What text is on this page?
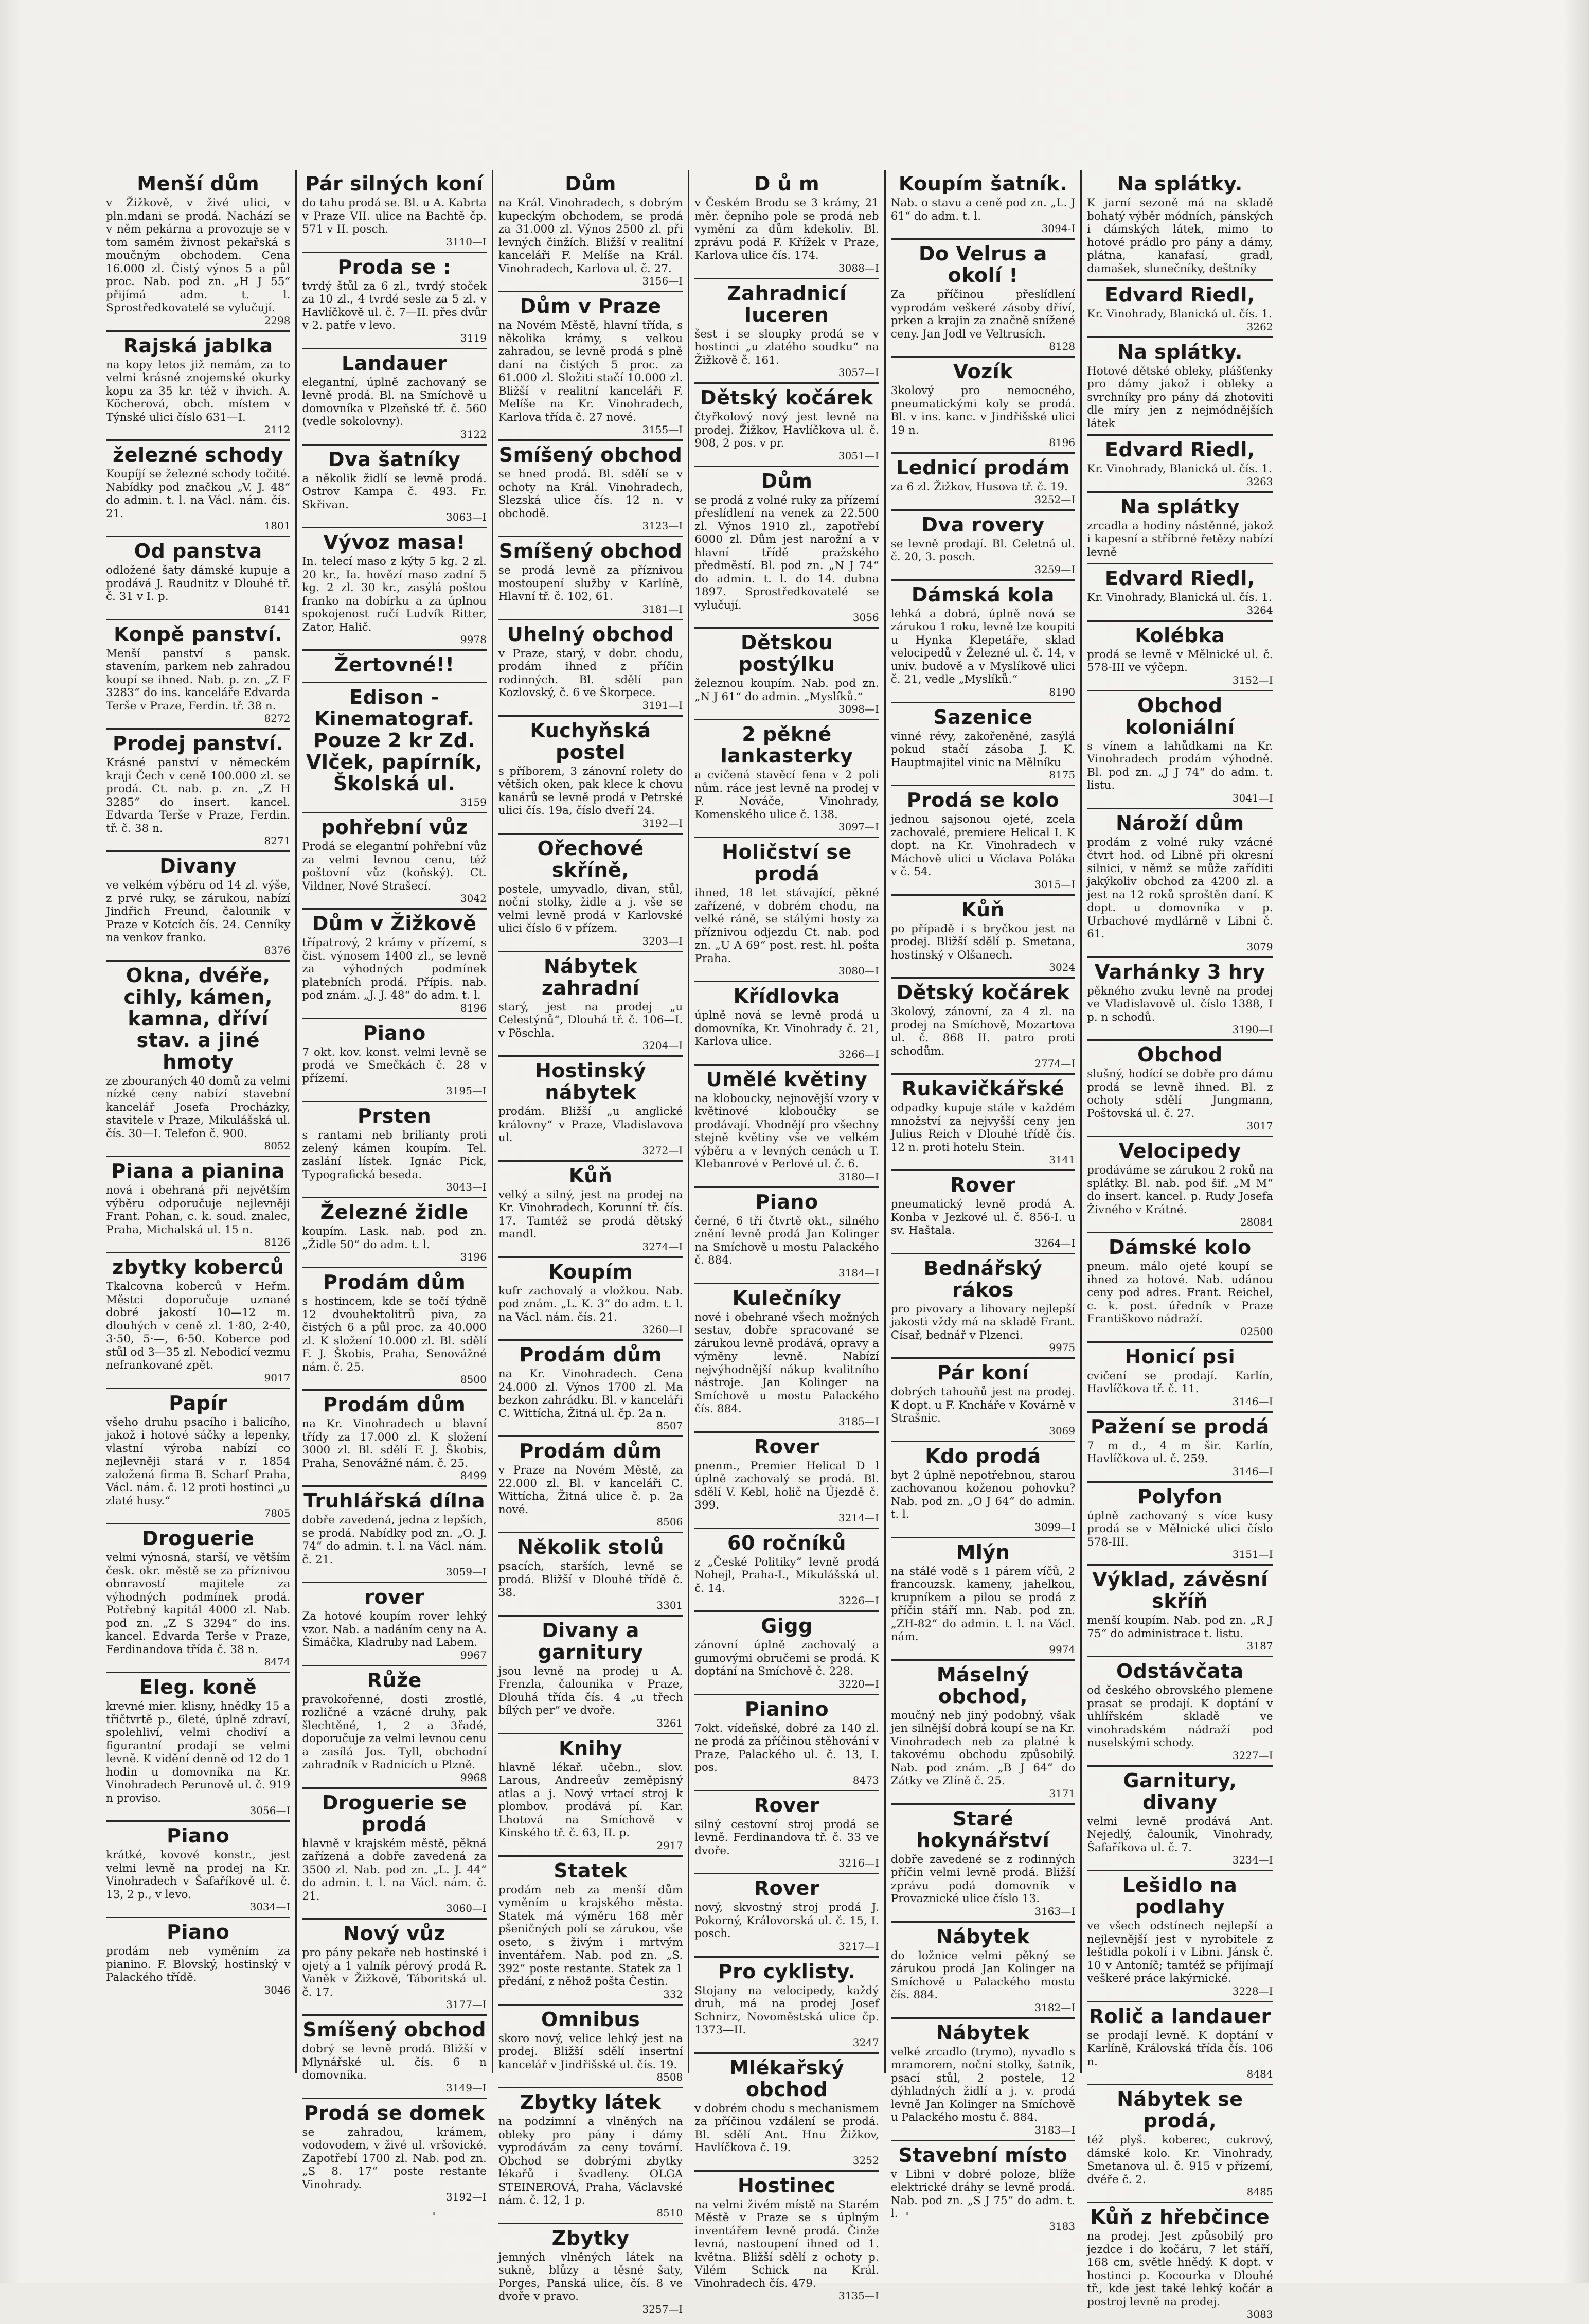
Menší dům

v Žižkově, v živé ulici, v pln.mdani se prodá. Nachází se v něm pekárna a provozuje se v tom samém živnost pekařská s moučným obchodem. Cena 16.000 zl. Čistý výnos 5 a půl proc. Nab. pod zn. „H J 55“ přijímá adm. t. l. Sprostředkovatelé se vylučují.

2298
Rajská jablka

na kopy letos již nemám, za to velmi krásné znojemské okurky kopu za 35 kr. též v ihvich. A. Köcherová, obch. místem v Týnské ulici číslo 631—I.

2112
železné schody

Koupíjí se železné schody točité. Nabídky pod značkou „V. J. 48“ do admin. t. l. na Václ. nám. čís. 21.

1801
Od panstva

odložené šaty dámské kupuje a prodává J. Raudnitz v Dlouhé tř. č. 31 v I. p.

8141
Konpě panství.

Menší panství s pansk. stavením, parkem neb zahradou koupí se ihned. Nab. p. zn. „Z F 3283“ do ins. kanceláře Edvarda Terše v Praze, Ferdin. tř. 38 n.

8272
Prodej panství.

Krásné panství v německém kraji Čech v ceně 100.000 zl. se prodá. Ct. nab. p. zn. „Z H 3285“ do insert. kancel. Edvarda Terše v Praze, Ferdin. tř. č. 38 n.

8271
Divany

ve velkém výběru od 14 zl. výše, z prvé ruky, se zárukou, nabízí Jindřich Freund, čalounik v Praze v Kotcích čís. 24. Cenníky na venkov franko.

8376
Okna, dvéře, cihly, kámen, kamna, dříví stav. a jiné hmoty

ze zbouraných 40 domů za velmi nízké ceny nabízí stavební kancelář Josefa Procházky, stavitele v Praze, Mikulášská ul. čís. 30—I. Telefon č. 900.

8052
Piana a pianina

nová i obehraná při největším výběru odporučuje nejlevněji Frant. Pohan, c. k. soud. znalec, Praha, Michalská ul. 15 n.

8126
zbytky koberců

Tkalcovna koberců v Heřm. Městci doporučuje uznané dobré jakostí 10—12 m. dlouhých v ceně zl. 1·80, 2·40, 3·50, 5·—, 6·50. Koberce pod stůl od 3—35 zl. Nebodicí vezmu nefrankované zpět.

9017
Papír

všeho druhu psacího i balicího, jakož i hotové sáčky a lepenky, vlastní výroba nabízí co nejlevněji stará v r. 1854 založená firma B. Scharf Praha, Václ. nám. č. 12 proti hostinci „u zlaté husy.“

7805
Droguerie

velmi výnosná, starší, ve větším česk. okr. městě se za příznivou obnravostí majitele za výhodných podmínek prodá. Potřebný kapitál 4000 zl. Nab. pod zn. „Z S 3294“ do ins. kancel. Edvarda Terše v Praze, Ferdinandova třída č. 38 n.

8474
Eleg. koně

krevné mier. klisny, hnědky 15 a třičtvrtě p., 6leté, úplně zdraví, spolehliví, velmi chodiví a figurantní prodají se velmi levně. K vidění denně od 12 do 1 hodin u domovníka na Kr. Vinohradech Perunově ul. č. 919 n proviso.

3056—I
Piano

krátké, kovové konstr., jest velmi levně na prodej na Kr. Vinohradech v Šafaříkově ul. č. 13, 2 p., v levo.

3034—I
Piano

prodám neb vyměním za pianino. F. Blovský, hostinský v Palackého třídě.

3046
Pár silných koní

do tahu prodá se. Bl. u A. Kabrta v Praze VII. ulice na Bachtě čp. 571 v II. posch.

3110—I
Proda se :

tvrdý štůl za 6 zl., tvrdý stoček za 10 zl., 4 tvrdé sesle za 5 zl. v Havlíčkově ul. č. 7—II. přes dvůr v 2. patře v levo.

3119
Landauer

elegantní, úplně zachovaný se levně prodá. Bl. na Smíchově u domovníka v Plzeňské tř. č. 560 (vedle sokolovny).

3122
Dva šatníky

a několik židlí se levně prodá. Ostrov Kampa č. 493. Fr. Skřivan.

3063—I
Vývoz masa!

In. telecí maso z kýty 5 kg. 2 zl. 20 kr., Ia. hovězí maso zadní 5 kg. 2 zl. 30 kr., zasýlá poštou franko na dobírku a za úplnou spokojenost ručí Ludvík Ritter, Zator, Halič.

9978
Žertovné!!

Edison - Kinematograf. Pouze 2 kr Zd. Vlček, papírník, Školská ul.

3159
pohřební vůz

Prodá se elegantní pohřební vůz za velmi levnou cenu, též poštovní vůz (koňský). Ct. Vildner, Nové Strašecí.

3042
Dům v Žižkově

třípatrový, 2 krámy v přízemí, s čist. výnosem 1400 zl., se levně za výhodných podmínek platebních prodá. Přípis. nab. pod znám. „J. J. 48“ do adm. t. l.

8196
Piano

7 okt. kov. konst. velmi levně se prodá ve Smečkách č. 28 v přízemí.

3195—I
Prsten

s rantami neb brilianty proti zelený kámen koupím. Tel. zaslání lístek. Ignác Pick, Typografická beseda.

3043—I
Železné židle

koupím. Lask. nab. pod zn. „Židle 50“ do adm. t. l.

3196
Prodám dům

s hostincem, kde se točí týdně 12 dvouhektolitrů piva, za čistých 6 a půl proc. za 40.000 zl. K složení 10.000 zl. Bl. sdělí F. J. Škobis, Praha, Senovážné nám. č. 25.

8500
Prodám dům

na Kr. Vinohradech u blavní třídy za 17.000 zl. K složení 3000 zl. Bl. sdělí F. J. Škobis, Praha, Senovážné nám. č. 25.

8499
Truhlářská dílna

dobře zavedená, jedna z lepších, se prodá. Nabídky pod zn. „O. J. 74“ do admin. t. l. na Václ. nám. č. 21.

3059—I
rover

Za hotové koupím rover lehký vzor. Nab. a nadáním ceny na A. Šimáčka, Kladruby nad Labem.

9967
Růže

pravokořenné, dosti zrostlé, rozličné a vzácné druhy, pak šlechtěné, 1, 2 a 3řadé, doporučuje za velmi levnou cenu a zasílá Jos. Tyll, obchodní zahradník v Radnicích u Plzně.

9968
Droguerie se prodá

hlavně v krajském městě, pěkná zařízená a dobře zavedená za 3500 zl. Nab. pod zn. „L. J. 44“ do admin. t. l. na Václ. nám. č. 21.

3060—I
Nový vůz

pro pány pekaře neb hostinské i ojetý a 1 valník pérový prodá R. Vaněk v Žižkově, Táboritská ul. č. 17.

3177—I
Smíšený obchod

dobrý se levně prodá. Bližší v Mlynářské ul. čís. 6 n domovníka.

3149—I
Prodá se domek

se zahradou, krámem, vodovodem, v živé ul. vršovické. Zapotřebí 1700 zl. Nab. pod zn. „S 8. 17“ poste restante Vinohrady.

3192—I
Dům

na Král. Vinohradech, s dobrým kupeckým obchodem, se prodá za 31.000 zl. Výnos 2500 zl. při levných činžích. Bližší v realitní kanceláři F. Melíše na Král. Vinohradech, Karlova ul. č. 27.

3156—I
Dům v Praze

na Novém Městě, hlavní třída, s několika krámy, s velkou zahradou, se levně prodá s plně daní na čistých 5 proc. za 61.000 zl. Složiti stačí 10.000 zl. Bližší v realitní kanceláři F. Melíše na Kr. Vinohradech, Karlova třída č. 27 nové.

3155—I
Smíšený obchod

se hned prodá. Bl. sdělí se v ochoty na Král. Vinohradech, Slezská ulice čís. 12 n. v obchodě.

3123—I
Smíšený obchod

se prodá levně za příznivou mostoupení služby v Karlíně, Hlavní tř. č. 102, 61.

3181—I
Uhelný obchod

v Praze, starý, v dobr. chodu, prodám ihned z příčin rodinných. Bl. sdělí pan Kozlovský, č. 6 ve Škorpece.

3191—I
Kuchyňská postel

s příborem, 3 zánovní rolety do větších oken, pak klece k chovu kanárů se levně prodá v Petrské ulici čís. 19a, číslo dveří 24.

3192—I
Ořechové skříně,

postele, umyvadlo, divan, stůl, noční stolky, židle a j. vše se velmi levně prodá v Karlovské ulici číslo 6 v přízem.

3203—I
Nábytek zahradní

starý, jest na prodej „u Celestýnů“, Dlouhá tř. č. 106—I. v Pöschla.

3204—I
Hostinský nábytek

prodám. Bližší „u anglické královny“ v Praze, Vladislavova ul.

3272—I
Kůň

velký a silný, jest na prodej na Kr. Vinohradech, Korunní tř. čís. 17. Tamtéž se prodá dětský mandl.

3274—I
Koupím

kufr zachovalý a vložkou. Nab. pod znám. „L. K. 3“ do adm. t. l. na Václ. nám. čís. 21.

3260—I
Prodám dům

na Kr. Vinohradech. Cena 24.000 zl. Výnos 1700 zl. Ma bezkon zahrádku. Bl. v kanceláři C. Wittícha, Žitná ul. čp. 2a n.

8507
Prodám dům

v Praze na Novém Městě, za 22.000 zl. Bl. v kanceláři C. Wittícha, Žitná ulice č. p. 2a nové.

8506
Několik stolů

psacích, starších, levně se prodá. Bližší v Dlouhé třídě č. 38.

3301
Divany a garnitury

jsou levně na prodej u A. Frenzla, čalounika v Praze, Dlouhá třída čís. 4 „u třech bílých per“ ve dvoře.

3261
Knihy

hlavně lékař. učebn., slov. Larous, Andreeův zeměpisný atlas a j. Nový vrtací stroj k plombov. prodává pí. Kar. Lhotová na Smíchově v Kinského tř. č. 63, II. p.

2917
Statek

prodám neb za menší dům vyměním u krajského města. Statek má výměru 168 měr pšeničných polí se zárukou, vše oseto, s živým i mrtvým inventářem. Nab. pod zn. „S. 392“ poste restante. Statek za 1 předání, z něhož pošta Čestin.

332
Omnibus

skoro nový, velice lehký jest na prodej. Bližší sdělí insertní kancelář v Jindřišské ul. čís. 19.

8508
Zbytky látek

na podzimní a vlněných na obleky pro pány i dámy vyprodávám za ceny tovární. Obchod se dobrými zbytky lékařů i švadleny. OLGA STEINEROVÁ, Praha, Václavské nám. č. 12, 1 p.

8510
Zbytky

jemných vlněných látek na sukně, blůzy a těsné šaty, Porges, Panská ulice, čís. 8 ve dvoře v pravo.

3257—I
D ů m

v Českém Brodu se 3 krámy, 21 měr. čepního pole se prodá neb vymění za dům kdekoliv. Bl. zprávu podá F. Křížek v Praze, Karlova ulice čís. 174.

3088—I
Zahradnicí luceren

šest i se sloupky prodá se v hostinci „u zlatého soudku“ na Žižkově č. 161.

3057—I
Dětský kočárek

čtyřkolový nový jest levně na prodej. Žižkov, Havlíčkova ul. č. 908, 2 pos. v pr.

3051—I
Dům

se prodá z volné ruky za přízemí přeslídlení na venek za 22.500 zl. Výnos 1910 zl., zapotřebí 6000 zl. Dům jest narožní a v hlavní třídě pražského předměstí. Bl. pod zn. „N J 74“ do admin. t. l. do 14. dubna 1897. Sprostředkovatelé se vylučují.

3056
Dětskou postýlku

železnou koupím. Nab. pod zn. „N J 61“ do admin. „Myslíků.“

3098—I
2 pěkné lankasterky

a cvičená stavěcí fena v 2 poli nům. ráce jest levně na prodej v F. Nováče, Vinohrady, Komenského ulice č. 138.

3097—I
Holičství se prodá

ihned, 18 let stávající, pěkné zařízené, v dobrém chodu, na velké ráně, se stálými hosty za příznivou odjezdu Ct. nab. pod zn. „U A 69“ post. rest. hl. pošta Praha.

3080—I
Křídlovka

úplně nová se levně prodá u domovníka, Kr. Vinohrady č. 21, Karlova ulice.

3266—I
Umělé květiny

na kloboucky, nejnovější vzory v květinové kloboučky se prodávají. Vhodnějí pro všechny stejně květiny vše ve velkém výběru a v levných cenách u T. Klebanrové v Perlové ul. č. 6.

3180—I
Piano

černé, 6 tři čtvrtě okt., silného znění levně prodá Jan Kolinger na Smíchově u mostu Palackého č. 884.

3184—I
Kulečníky

nové i obehrané všech možných sestav, dobře spracované se zárukou levně prodává, opravy a výměny levně. Nabízí nejvýhodnější nákup kvalitního nástroje. Jan Kolinger na Smíchově u mostu Palackého čís. 884.

3185—I
Rover

pnenm., Premier Helical D l úplně zachovalý se prodá. Bl. sdělí V. Kebl, holič na Újezdě č. 399.

3214—I
60 ročníků

z „České Politiky“ levně prodá Nohejl, Praha-I., Mikulášská ul. č. 14.

3226—I
Gigg

zánovní úplně zachovalý a gumovými obručemi se prodá. K doptání na Smíchově č. 228.

3220—I
Pianino

7okt. vídeňské, dobré za 140 zl. ne prodá za příčinou stěhování v Praze, Palackého ul. č. 13, I. pos.

8473
Rover

silný cestovní stroj prodá se levně. Ferdinandova tř. č. 33 ve dvoře.

3216—I
Rover

nový, skvostný stroj prodá J. Pokorný, Královorská ul. č. 15, I. posch.

3217—I
Pro cyklisty.

Stojany na velocipedy, každý druh, má na prodej Josef Schnirz, Novoměstská ulice čp. 1373—II.

3247
Mlékařský obchod

v dobrém chodu s mechanismem za příčinou vzdálení se prodá. Bl. sdělí Ant. Hnu Žižkov, Havlíčkova č. 19.

3252
Hostinec

na velmi živém místě na Starém Městě v Praze se s úplným inventářem levně prodá. Činže levná, nastoupení ihned od 1. května. Bližší sdělí z ochoty p. Vilém Schick na Král. Vinohradech čís. 479.

3135—I
Koupím šatník.

Nab. o stavu a ceně pod zn. „L. J 61“ do adm. t. l.

3094-I
Do Velrus a okolí !

Za příčinou přeslídlení vyprodám veškeré zásoby dříví, prken a krajin za značně snížené ceny. Jan Jodl ve Veltrusích.

8128
Vozík

3kolový pro nemocného, pneumatickými koly se prodá. Bl. v ins. kanc. v Jindřišské ulici 19 n.

8196
Lednicí prodám

za 6 zl. Žižkov, Husova tř. č. 19.

3252—I
Dva rovery

se levně prodají. Bl. Celetná ul. č. 20, 3. posch.

3259—I
Dámská kola

lehká a dobrá, úplně nová se zárukou 1 roku, levně lze koupiti u Hynka Klepetáře, sklad velocipedů v Železné ul. č. 14, v univ. budově a v Myslíkově ulici č. 21, vedle „Myslíků.“

8190
Sazenice

vinné révy, zakořeněné, zasýlá pokud stačí zásoba J. K. Hauptmajitel vinic na Mělníku

8175
Prodá se kolo

jednou sajsonou ojeté, zcela zachovalé, premiere Helical I. K dopt. na Kr. Vinohradech v Máchově ulici u Václava Poláka v č. 54.

3015—I
Kůň

po případě i s bryčkou jest na prodej. Bližší sdělí p. Smetana, hostinský v Olšanech.

3024
Dětský kočárek

3kolový, zánovní, za 4 zl. na prodej na Smíchově, Mozartova ul. č. 868 II. patro proti schodům.

2774—I
Rukavičkářské

odpadky kupuje stále v každém množství za nejvyšší ceny jen Julius Reich v Dlouhé třídě čís. 12 n. proti hotelu Stein.

3141
Rover

pneumatický levně prodá A. Konba v Jezkové ul. č. 856-I. u sv. Haštala.

3264—I
Bednářský rákos

pro pivovary a lihovary nejlepší jakosti vždy má na skladě Frant. Císař, bednář v Plzenci.

9975
Pár koní

dobrých tahouňů jest na prodej. K dopt. u F. Kncháře v Kovárně v Strašnic.

3069
Kdo prodá

byt 2 úplně nepotřebnou, starou zachovanou koženou pohovku? Nab. pod zn. „O J 64“ do admin. t. l.

3099—I
Mlýn

na stálé vodě s 1 párem víčů, 2 francouzsk. kameny, jahelkou, krupníkem a pilou se prodá z příčin stáří mn. Nab. pod zn. „ZH-82“ do admin. t. l. na Václ. nám.

9974
Máselný obchod,

moučný neb jiný podobný, však jen silnější dobrá koupí se na Kr. Vinohradech neb za platné k takovému obchodu způsobilý. Nab. pod znám. „B J 64“ do Zátky ve Zlíně č. 25.

3171
Staré hokynářství

dobře zavedené se z rodinných příčin velmi levně prodá. Bližší zprávu podá domovník v Provaznické ulice číslo 13.

3163—I
Nábytek

do ložnice velmi pěkný se zárukou prodá Jan Kolinger na Smíchově u Palackého mostu čís. 884.

3182—I
Nábytek

velké zrcadlo (trymo), nyvadlo s mramorem, noční stolky, šatník, psací stůl, 2 postele, 12 dýhladných židlí a j. v. prodá levně Jan Kolinger na Smíchově u Palackého mostu č. 884.

3183—I
Stavební místo

v Libni v dobré poloze, blíže elektrické dráhy se levně prodá. Nab. pod zn. „S J 75“ do adm. t. l.

3183
Na splátky.

K jarní sezoně má na skladě bohatý výběr módních, pánských i dámských látek, mimo to hotové prádlo pro pány a dámy, plátna, kanafasí, gradl, damašek, slunečníky, deštníky

Edvard Riedl,

Kr. Vinohrady, Blanická ul. čís. 1.

3262
Na splátky.

Hotové dětské obleky, plášťenky pro dámy jakož i obleky a svrchníky pro pány dá zhotoviti dle míry jen z nejmódnějších látek

Edvard Riedl,

Kr. Vinohrady, Blanická ul. čís. 1.

3263
Na splátky

zrcadla a hodiny nástěnné, jakož i kapesní a stříbrné řetězy nabízí levně

Edvard Riedl,

Kr. Vinohrady, Blanická ul. čís. 1.

3264
Kolébka

prodá se levně v Mělnické ul. č. 578-III ve výčepn.

3152—I
Obchod koloniální

s vínem a lahůdkami na Kr. Vinohradech prodám výhodně. Bl. pod zn. „J J 74“ do adm. t. listu.

3041—I
Nároží dům

prodám z volné ruky vzácné čtvrt hod. od Libně při okresní silnici, v němž se může zaříditi jakýkoliv obchod za 4200 zl. a jest na 12 roků sproštěn daní. K dopt. u domovníka v p. Urbachové mydlárně v Libni č. 61.

3079
Varhánky 3 hry

pěkného zvuku levně na prodej ve Vladislavově ul. číslo 1388, I p. n schodů.

3190—I
Obchod

slušný, hodící se dobře pro dámu prodá se levně ihned. Bl. z ochoty sdělí Jungmann, Poštovská ul. č. 27.

3017
Velocipedy

prodáváme se zárukou 2 roků na splátky. Bl. nab. pod šif. „M M“ do insert. kancel. p. Rudy Josefa Živného v Krátné.

28084
Dámské kolo

pneum. málo ojeté koupí se ihned za hotové. Nab. udánou ceny pod adres. Frant. Reichel, c. k. post. úředník v Praze Františkovo nádraží.

02500
Honicí psi

cvičení se prodají. Karlín, Havlíčkova tř. č. 11.

3146—I
Pažení se prodá

7 m d., 4 m šir. Karlín, Havlíčkova ul. č. 259.

3146—I
Polyfon

úplně zachovaný s více kusy prodá se v Mělnické ulici číslo 578-III.

3151—I
Výklad, závěsní skříň

menší koupím. Nab. pod zn. „R J 75“ do administrace t. listu.

3187
Odstávčata

od českého obrovského plemene prasat se prodají. K doptání v uhlířském skladě ve vinohradském nádraží pod nuselskými schody.

3227—I
Garnitury, divany

velmi levně prodává Ant. Nejedlý, čalounik, Vinohrady, Šafaříkova ul. č. 7.

3234—I
Lešidlo na podlahy

ve všech odstínech nejlepší a nejlevnější jest v nyrobitele z leštidla pokolí i v Libni. Jánsk č. 10 v Antoníč; tamtéž se přijímají veškeré práce lakýrnické.

3228—I
Rolič a landauer

se prodají levně. K doptání v Karlíně, Královská třída čís. 106 n.

8484
Nábytek se prodá,

též plyš. koberec, cukrový, dámské kolo. Kr. Vinohrady, Smetanova ul. č. 915 v přízemí, dvéře č. 2.

8485
Kůň z hřebčince

na prodej. Jest způsobilý pro jezdce i do kočáru, 7 let stáří, 168 cm, světle hnědý. K dopt. v hostinci p. Kocourka v Dlouhé tř., kde jest také lehký kočár a postroj levně na prodej.

3083
'	'
